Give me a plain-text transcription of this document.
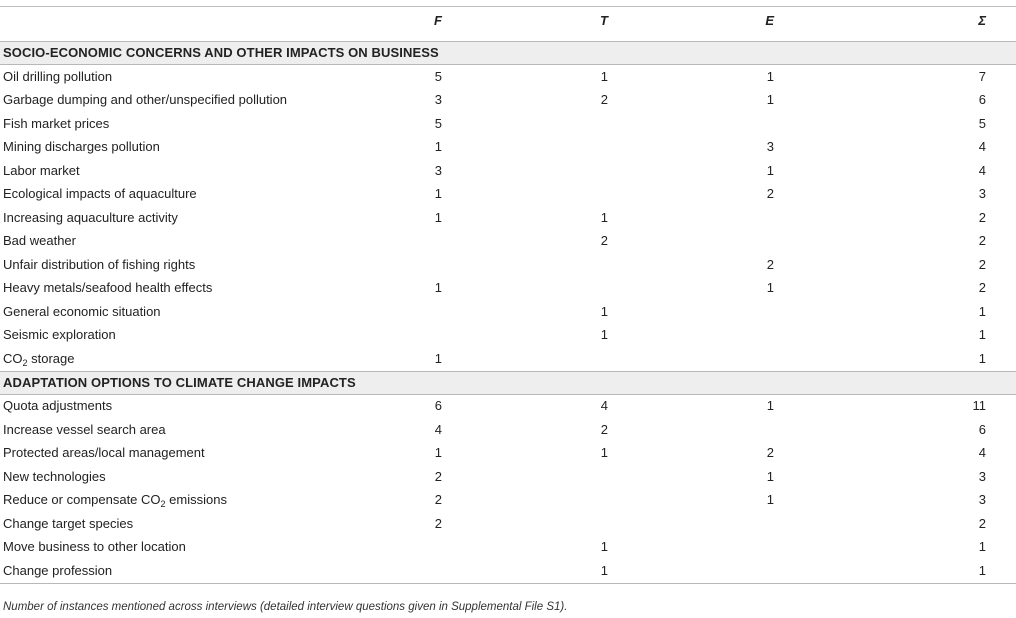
	F	T	E	Σ
SOCIO-ECONOMIC CONCERNS AND OTHER IMPACTS ON BUSINESS				
Oil drilling pollution	5	1	1	7
Garbage dumping and other/unspecified pollution	3	2	1	6
Fish market prices	5			5
Mining discharges pollution	1		3	4
Labor market	3		1	4
Ecological impacts of aquaculture	1		2	3
Increasing aquaculture activity	1	1		2
Bad weather		2		2
Unfair distribution of fishing rights			2	2
Heavy metals/seafood health effects	1		1	2
General economic situation		1		1
Seismic exploration		1		1
$CO_2$ storage	1			1
ADAPTATION OPTIONS TO CLIMATE CHANGE IMPACTS				
Quota adjustments	6	4	1	11
Increase vessel search area	4	2		6
Protected areas/local management	1	1	2	4
New technologies	2		1	3
Reduce or compensate $CO_2$ emissions	2		1	3
Change target species	2			2
Move business to other location		1		1
Change profession		1		1

Number of instances mentioned across interviews (detailed interview questions given in Supplemental File S1).
